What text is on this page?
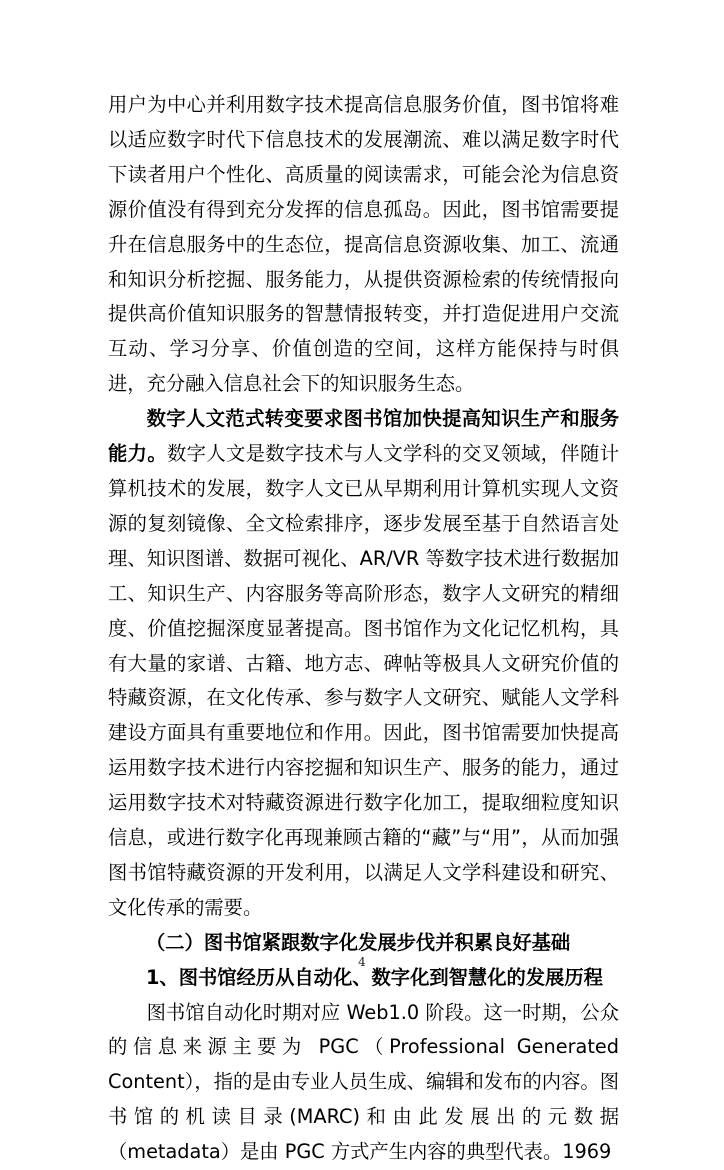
用户为中心并利用数字技术提高信息服务价值，图书馆将难以适应数字时代下信息技术的发展潮流、难以满足数字时代下读者用户个性化、高质量的阅读需求，可能会沦为信息资源价值没有得到充分发挥的信息孤岛。因此，图书馆需要提升在信息服务中的生态位，提高信息资源收集、加工、流通和知识分析挖掘、服务能力，从提供资源检索的传统情报向提供高价值知识服务的智慧情报转变，并打造促进用户交流互动、学习分享、价值创造的空间，这样方能保持与时俱进，充分融入信息社会下的知识服务生态。

数字人文范式转变要求图书馆加快提高知识生产和服务能力。数字人文是数字技术与人文学科的交叉领域，伴随计算机技术的发展，数字人文已从早期利用计算机实现人文资源的复刻镜像、全文检索排序，逐步发展至基于自然语言处理、知识图谱、数据可视化、AR/VR 等数字技术进行数据加工、知识生产、内容服务等高阶形态，数字人文研究的精细度、价值挖掘深度显著提高。图书馆作为文化记忆机构，具有大量的家谱、古籍、地方志、碑帖等极具人文研究价值的特藏资源，在文化传承、参与数字人文研究、赋能人文学科建设方面具有重要地位和作用。因此，图书馆需要加快提高运用数字技术进行内容挖掘和知识生产、服务的能力，通过运用数字技术对特藏资源进行数字化加工，提取细粒度知识信息，或进行数字化再现兼顾古籍的“藏”与“用”，从而加强图书馆特藏资源的开发利用，以满足人文学科建设和研究、文化传承的需要。

（二）图书馆紧跟数字化发展步伐并积累良好基础

1、图书馆经历从自动化、数字化到智慧化的发展历程

图书馆自动化时期对应 Web1.0 阶段。这一时期，公众的信息来源主要为 PGC（Professional Generated Content），指的是由专业人员生成、编辑和发布的内容。图书馆的机读目录(MARC)和由此发展出的元数据（metadata）是由 PGC 方式产生内容的典型代表。1969

4
